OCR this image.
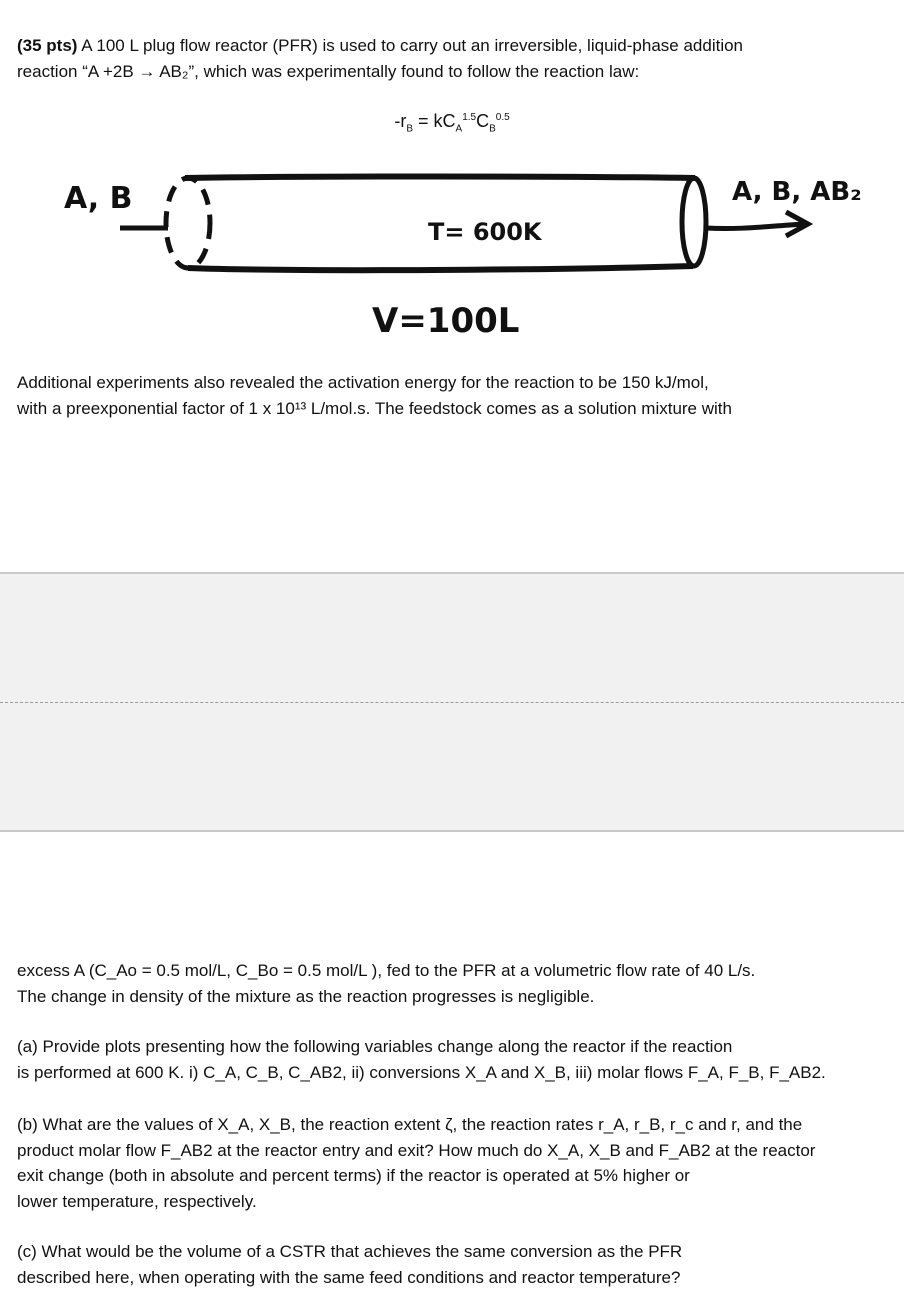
(35 pts) A 100 L plug flow reactor (PFR) is used to carry out an irreversible, liquid-phase addition
reaction “A +2B → AB₂”, which was experimentally found to follow the reaction law:
$-r_B = kC_A^{1.5}C_B^{0.5}$
A, B	A, B, AB₂
T= 600K
V=100L
Additional experiments also revealed the activation energy for the reaction to be 150 kJ/mol,
with a preexponential factor of 1 x 10¹³ L/mol.s. The feedstock comes as a solution mixture with
excess A (C_Ao = 0.5 mol/L, C_Bo = 0.5 mol/L ), fed to the PFR at a volumetric flow rate of 40 L/s.
The change in density of the mixture as the reaction progresses is negligible.
(a) Provide plots presenting how the following variables change along the reactor if the reaction
is performed at 600 K. i) C_A, C_B, C_AB2, ii) conversions X_A and X_B, iii) molar flows F_A, F_B, F_AB2.
(b) What are the values of X_A, X_B, the reaction extent ζ, the reaction rates r_A, r_B, r_c and r, and the
product molar flow F_AB2 at the reactor entry and exit? How much do X_A, X_B and F_AB2 at the reactor
exit change (both in absolute and percent terms) if the reactor is operated at 5% higher or
lower temperature, respectively.
(c) What would be the volume of a CSTR that achieves the same conversion as the PFR
described here, when operating with the same feed conditions and reactor temperature?
